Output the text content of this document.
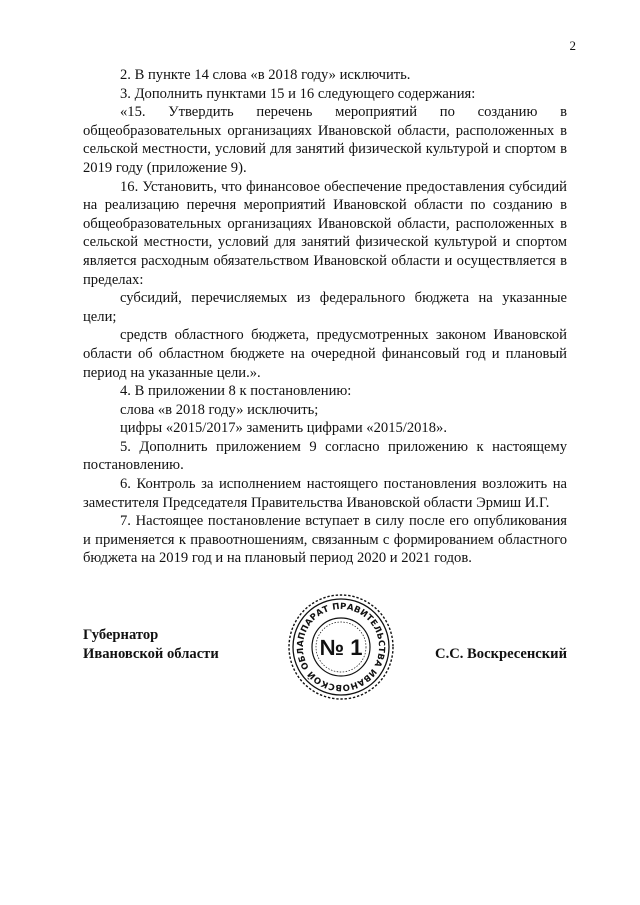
2

2. В пункте 14 слова «в 2018 году» исключить.

3. Дополнить пунктами 15 и 16 следующего содержания:

«15. Утвердить перечень мероприятий по созданию в общеобразовательных организациях Ивановской области, расположенных в сельской местности, условий для занятий физической культурой и спортом в 2019 году (приложение 9).

16. Установить, что финансовое обеспечение предоставления субсидий на реализацию перечня мероприятий Ивановской области по созданию в общеобразовательных организациях Ивановской области, расположенных в сельской местности, условий для занятий физической культурой и спортом является расходным обязательством Ивановской области и осуществляется в пределах:

субсидий, перечисляемых из федерального бюджета на указанные цели;

средств областного бюджета, предусмотренных законом Ивановской области об областном бюджете на очередной финансовый год и плановый период на указанные цели.».

4. В приложении 8 к постановлению:

слова «в 2018 году» исключить;

цифры «2015/2017» заменить цифрами «2015/2018».

5. Дополнить приложением 9 согласно приложению к настоящему постановлению.

6. Контроль за исполнением настоящего постановления возложить на заместителя Председателя Правительства Ивановской области Эрмиш И.Г.

7. Настоящее постановление вступает в силу после его опубликования и применяется к правоотношениям, связанным с формированием областного бюджета на 2019 год и на плановый период 2020 и 2021 годов.

Губернатор
Ивановской области
АППАРАТ ПРАВИТЕЛЬСТВА ИВАНОВСКОЙ ОБЛ № 1	С.С. Воскресенский
